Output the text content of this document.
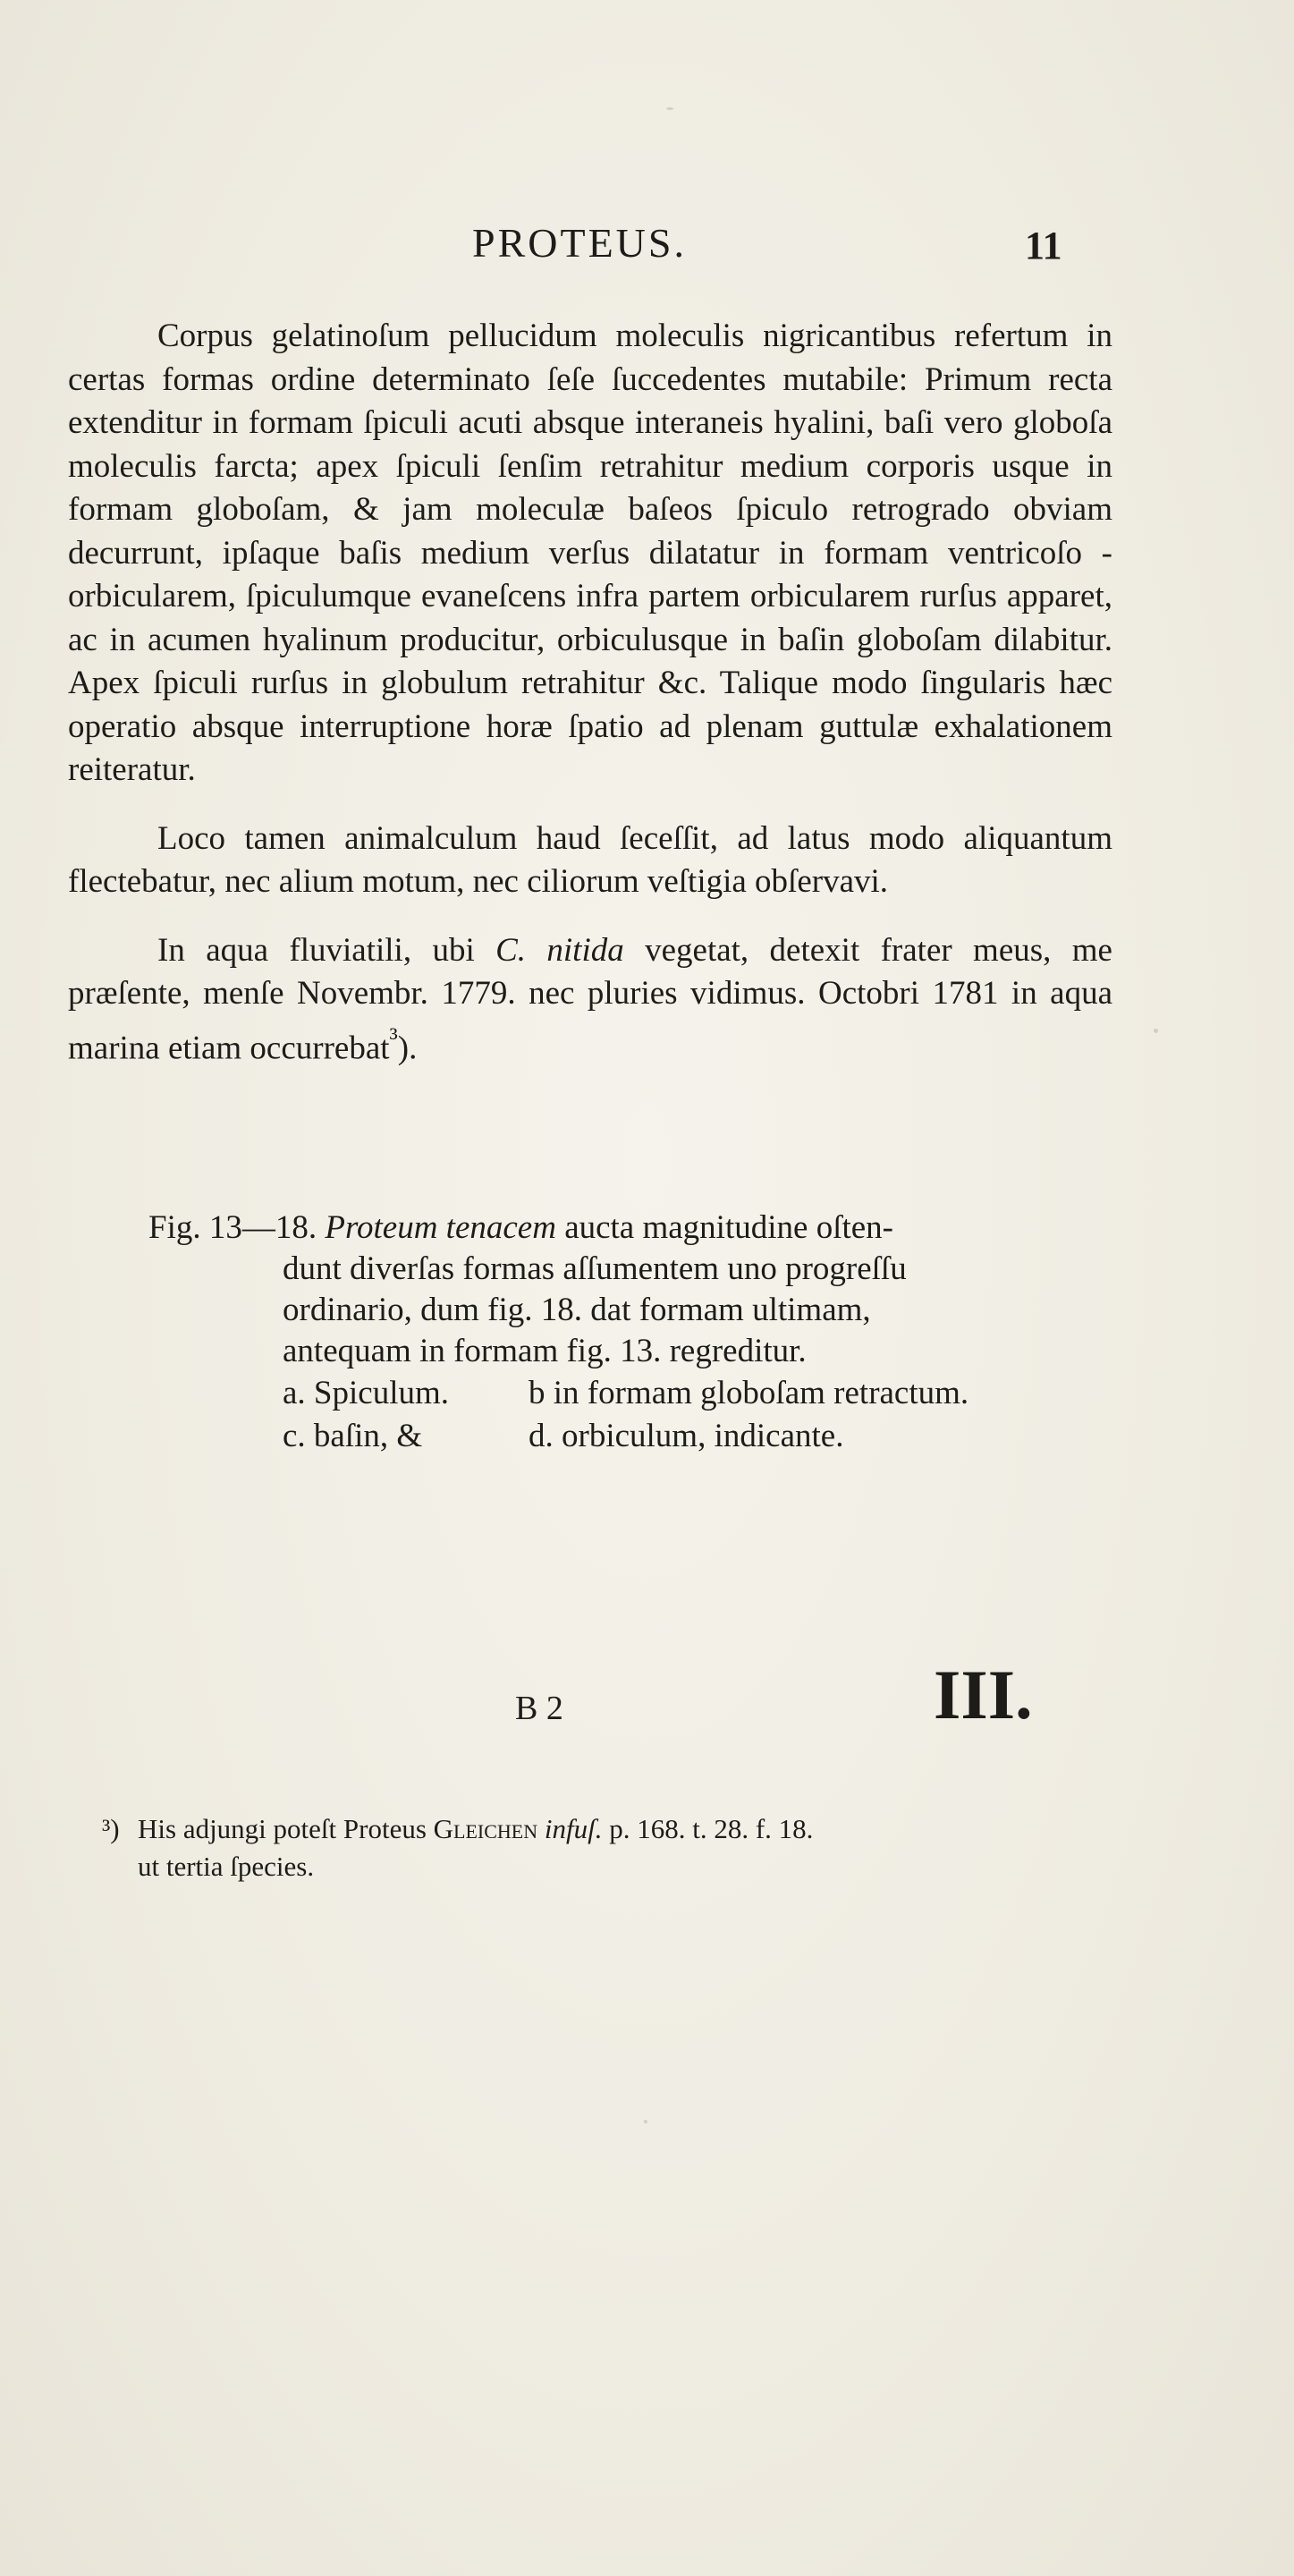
PROTEUS.	11

Corpus gelatinoſum pellucidum moleculis nigricantibus refertum in certas formas ordine determinato ſeſe ſuccedentes mutabile: Primum recta extenditur in formam ſpiculi acuti absque interaneis hyalini, baſi vero globoſa moleculis farcta; apex ſpiculi ſenſim retrahitur medium corporis usque in formam globoſam, & jam moleculæ baſeos ſpiculo retrogrado obviam decurrunt, ipſaque baſis medium verſus dilatatur in formam ventricoſo - orbicularem, ſpiculumque evaneſcens infra partem orbicularem rurſus apparet, ac in acumen hyalinum producitur, orbiculusque in baſin globoſam dilabitur. Apex ſpiculi rurſus in globulum retrahitur &c. Talique modo ſingularis hæc operatio absque interruptione horæ ſpatio ad plenam guttulæ exhalationem reiteratur.

Loco tamen animalculum haud ſeceſſit, ad latus modo aliquantum flectebatur, nec alium motum, nec ciliorum veſtigia obſervavi.

In aqua fluviatili, ubi C. nitida vegetat, detexit frater meus, me præſente, menſe Novembr. 1779. nec pluries vidimus. Octobri 1781 in aqua marina etiam occurrebat$^{^3}$).

Fig. 13—18. Proteum tenacem aucta magnitudine oſten-
dunt diverſas formas aſſumentem uno progreſſu
ordinario, dum fig. 18. dat formam ultimam,
antequam in formam fig. 13. regreditur.
a. Spiculum.	b in formam globoſam retractum.
c. baſin, &	d. orbiculum, indicante.
B 2	III.
³) His adjungi poteſt Proteus Gleichen infuſ. p. 168. t. 28. f. 18.
ut tertia ſpecies.
